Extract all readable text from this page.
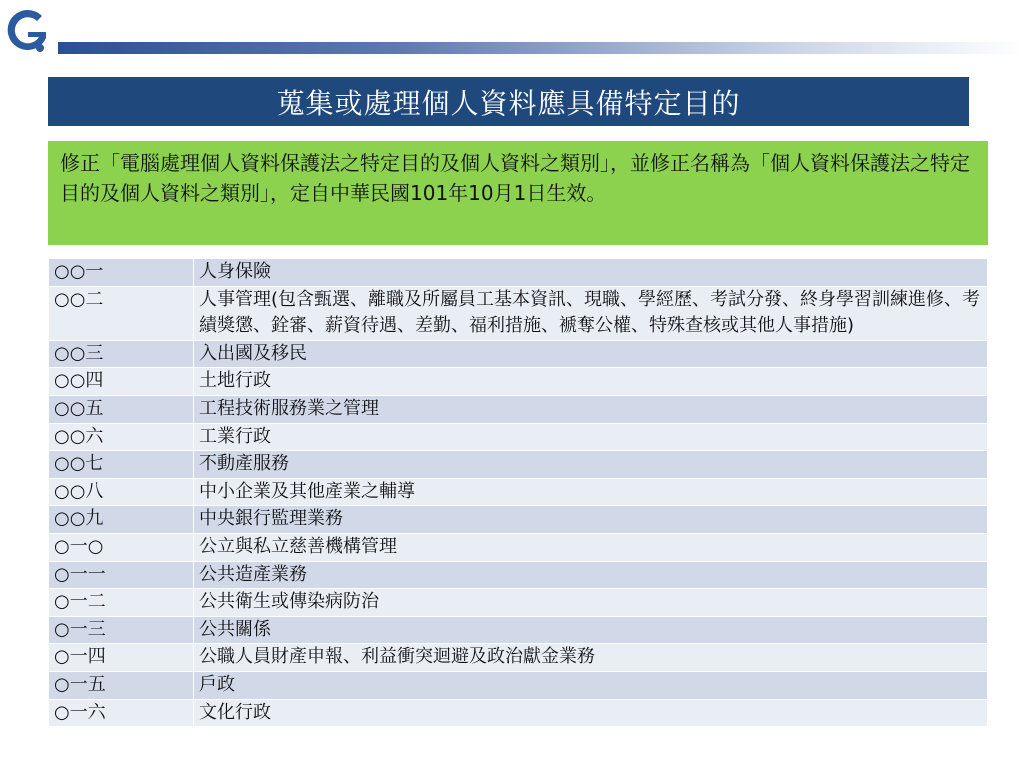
蒐集或處理個人資料應具備特定目的
修正「電腦處理個人資料保護法之特定目的及個人資料之類別」，並修正名稱為「個人資料保護法之特定目的及個人資料之類別」，定自中華民國101年10月1日生效。
○○一	人身保險
○○二	人事管理(包含甄選、離職及所屬員工基本資訊、現職、學經歷、考試分發、終身學習訓練進修、考績獎懲、銓審、薪資待遇、差勤、福利措施、褫奪公權、特殊查核或其他人事措施)
○○三	入出國及移民
○○四	土地行政
○○五	工程技術服務業之管理
○○六	工業行政
○○七	不動產服務
○○八	中小企業及其他產業之輔導
○○九	中央銀行監理業務
○一○	公立與私立慈善機構管理
○一一	公共造產業務
○一二	公共衛生或傳染病防治
○一三	公共關係
○一四	公職人員財產申報、利益衝突迴避及政治獻金業務
○一五	戶政
○一六	文化行政
